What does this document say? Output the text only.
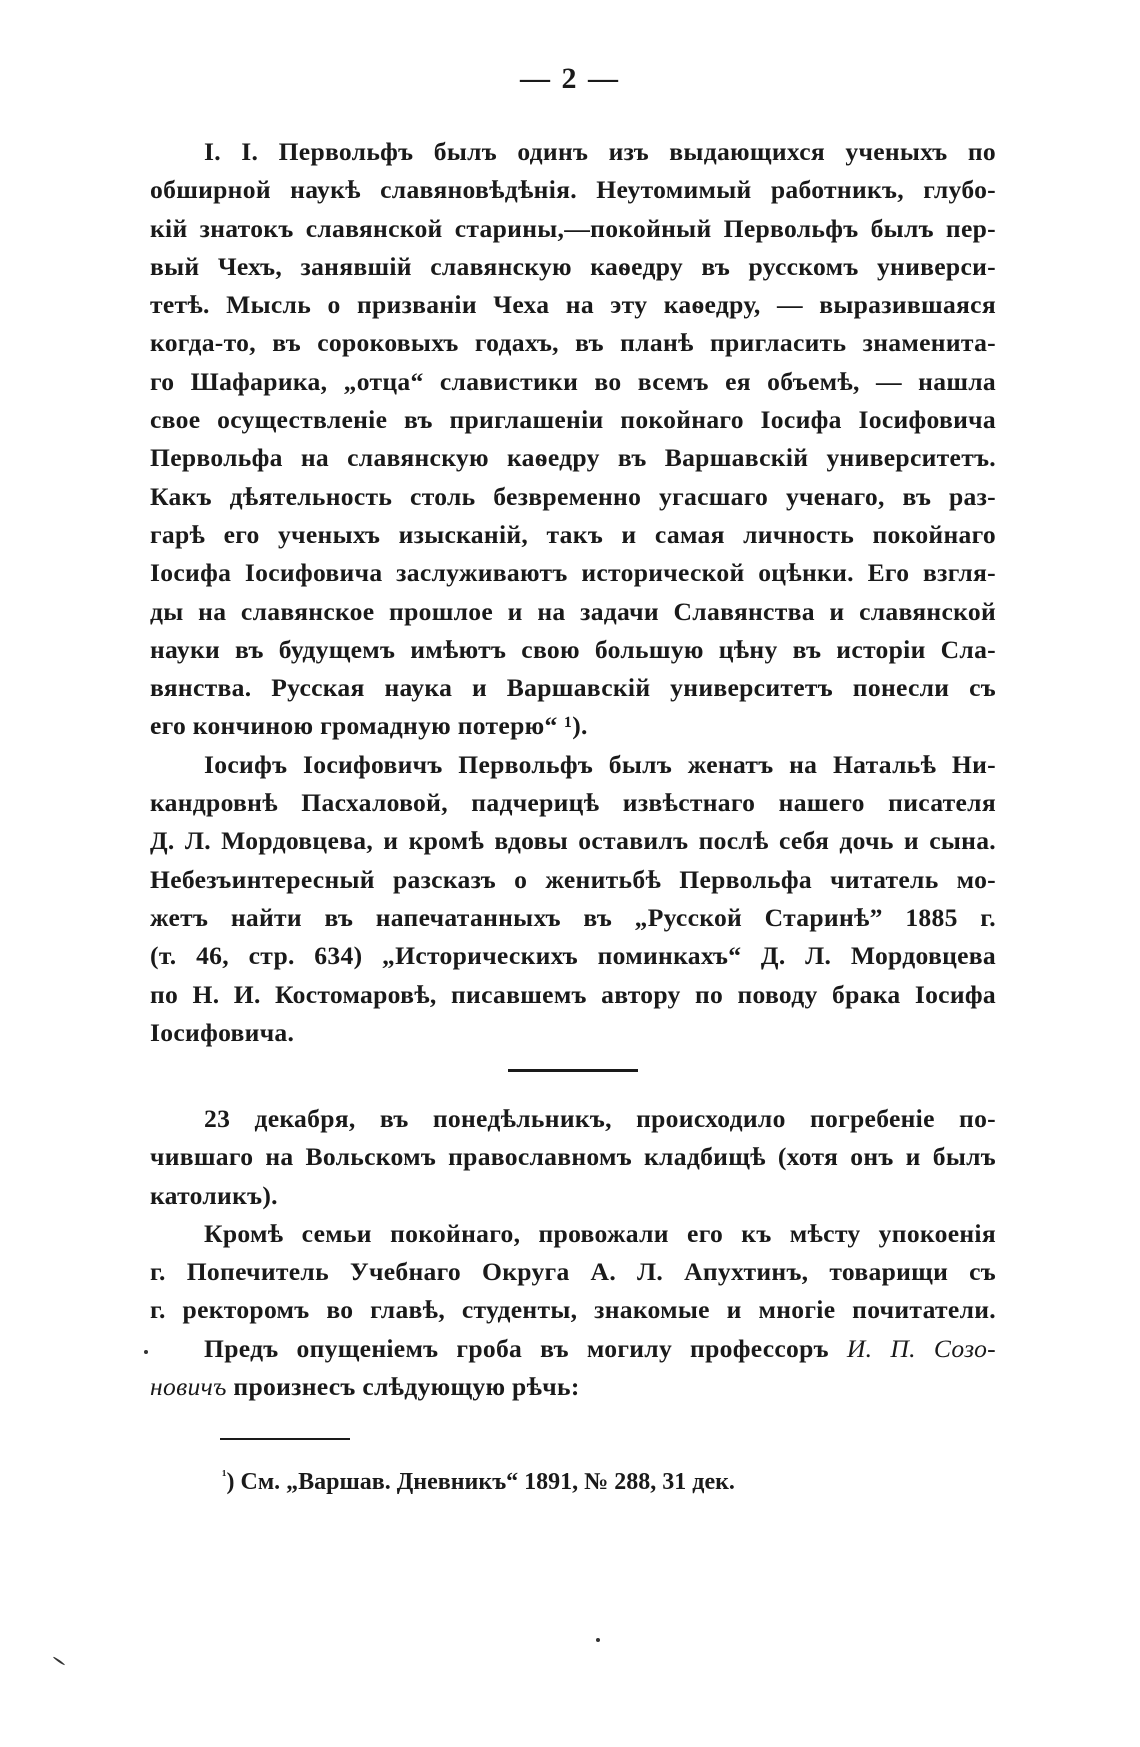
— 2 —
I. I. Первольфъ былъ одинъ изъ выдающихся ученыхъ по
обширной наукѣ славяновѣдѣнія. Неутомимый работникъ, глубо-
кій знатокъ славянской старины,—покойный Первольфъ былъ пер-
вый Чехъ, занявшій славянскую каѳедру въ русскомъ универси-
тетѣ. Мысль о призваніи Чеха на эту каѳедру, — выразившаяся
когда-то, въ сороковыхъ годахъ, въ планѣ пригласить знаменита-
го Шафарика, „отца“ славистики во всемъ ея объемѣ, — нашла
свое осуществленіе въ приглашеніи покойнаго Іосифа Іосифовича
Первольфа на славянскую каѳедру въ Варшавскій университетъ.
Какъ дѣятельность столь безвременно угасшаго ученаго, въ раз-
гарѣ его ученыхъ изысканій, такъ и самая личность покойнаго
Іосифа Іосифовича заслуживаютъ исторической оцѣнки. Его взгля-
ды на славянское прошлое и на задачи Славянства и славянской
науки въ будущемъ имѣютъ свою большую цѣну въ исторіи Сла-
вянства. Русская наука и Варшавскій университетъ понесли съ
его кончиною громадную потерю“ ¹).
Іосифъ Іосифовичъ Первольфъ былъ женатъ на Натальѣ Ни-
кандровнѣ Пасхаловой, падчерицѣ извѣстнаго нашего писателя
Д. Л. Мордовцева, и кромѣ вдовы оставилъ послѣ себя дочь и сына.
Небезъинтересный разсказъ о женитьбѣ Первольфа читатель мо-
жетъ найти въ напечатанныхъ въ „Русской Старинѣ” 1885 г.
(т. 46, стр. 634) „Историческихъ поминкахъ“ Д. Л. Мордовцева
по Н. И. Костомаровѣ, писавшемъ автору по поводу брака Іосифа
Іосифовича.
23 декабря, въ понедѣльникъ, происходило погребеніе по-
чившаго на Вольскомъ православномъ кладбищѣ (хотя онъ и былъ
католикъ).
Кромѣ семьи покойнаго, провожали его къ мѣсту упокоенія
г. Попечитель Учебнаго Округа А. Л. Апухтинъ, товарищи съ
г. ректоромъ во главѣ, студенты, знакомые и многіе почитатели.
Предъ опущеніемъ гроба въ могилу профессоръ И. П. Созо-
новичъ произнесъ слѣдующую рѣчь:
$^{^1}$) См. „Варшав. Дневникъ“ 1891, № 288, 31 дек.
